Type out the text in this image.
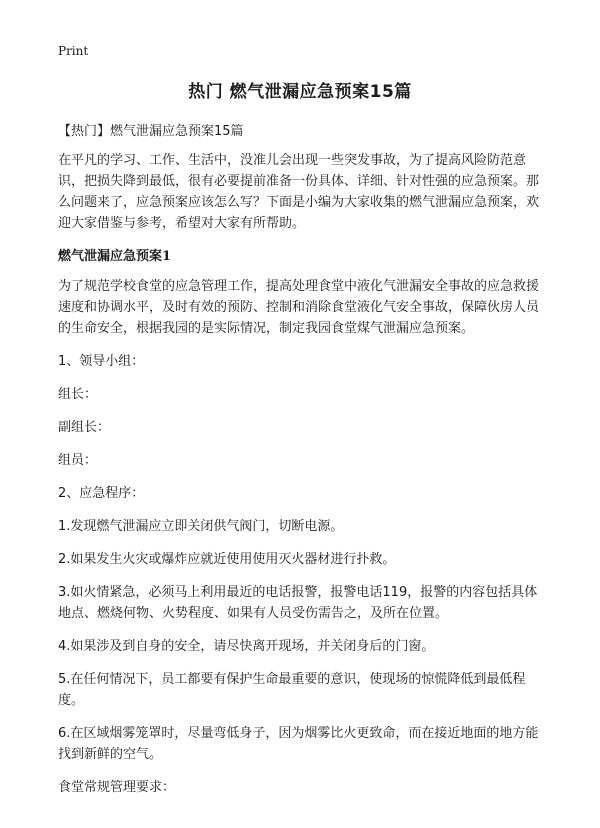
Print
热门 燃气泄漏应急预案15篇

【热门】燃气泄漏应急预案15篇

在平凡的学习、工作、生活中，没准儿会出现一些突发事故，为了提高风险防范意识，把损失降到最低，很有必要提前准备一份具体、详细、针对性强的应急预案。那么问题来了，应急预案应该怎么写？下面是小编为大家收集的燃气泄漏应急预案，欢迎大家借鉴与参考，希望对大家有所帮助。

燃气泄漏应急预案1

为了规范学校食堂的应急管理工作，提高处理食堂中液化气泄漏安全事故的应急救援速度和协调水平，及时有效的预防、控制和消除食堂液化气安全事故，保障伙房人员的生命安全，根据我园的是实际情况，制定我园食堂煤气泄漏应急预案。

1、领导小组：

组长：

副组长：

组员：

2、应急程序：

1.发现燃气泄漏应立即关闭供气阀门，切断电源。

2.如果发生火灾或爆炸应就近使用使用灭火器材进行扑救。

3.如火情紧急，必须马上利用最近的电话报警，报警电话119，报警的内容包括具体地点、燃烧何物、火势程度、如果有人员受伤需告之，及所在位置。

4.如果涉及到自身的安全，请尽快离开现场，并关闭身后的门窗。

5.在任何情况下，员工都要有保护生命最重要的意识，使现场的惊慌降低到最低程度。

6.在区域烟雾笼罩时，尽量弯低身子，因为烟雾比火更致命，而在接近地面的地方能找到新鲜的空气。

食堂常规管理要求：
